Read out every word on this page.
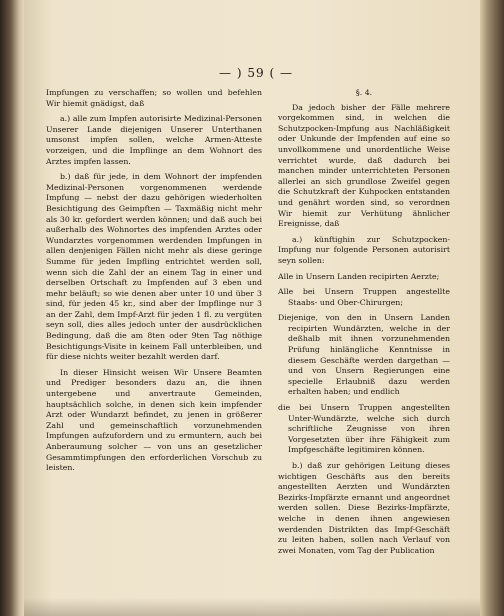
— ) 59 ( —

Impfungen zu verschaffen; so wollen und befehlen Wir hiemit gnädigst, daß

a.) alle zum Impfen autorisirte Medizinal-Personen Unserer Lande diejenigen Unserer Unterthanen umsonst impfen sollen, welche Armen-Atteste vorzeigen, und die Impflinge an dem Wohnort des Arztes impfen lassen.

b.) daß für jede, in dem Wohnort der impfenden Medizinal-Personen vorgenommenen werdende Impfung — nebst der dazu gehörigen wiederholten Besichtigung des Geimpften — Taxmäßig nicht mehr als 30 kr. gefordert werden können; und daß auch bei außerhalb des Wohnortes des impfenden Arztes oder Wundarztes vorgenommen werdenden Impfungen in allen denjenigen Fällen nicht mehr als diese geringe Summe für jeden Impfling entrichtet werden soll, wenn sich die Zahl der an einem Tag in einer und derselben Ortschaft zu Impfenden auf 3 eben und mehr beläuft; so wie denen aber unter 10 und über 3 sind, für jeden 45 kr., sind aber der Impflinge nur 3 an der Zahl, dem Impf-Arzt für jeden 1 fl. zu vergüten seyn soll, dies alles jedoch unter der ausdrücklichen Bedingung, daß die am 8ten oder 9ten Tag nöthige Besichtigungs-Visite in keinem Fall unterbleiben, und für diese nichts weiter bezahlt werden darf.

In dieser Hinsicht weisen Wir Unsere Beamten und Prediger besonders dazu an, die ihnen untergebene und anvertraute Gemeinden, hauptsächlich solche, in denen sich kein impfender Arzt oder Wundarzt befindet, zu jenen in größerer Zahl und gemeinschaftlich vorzunehmenden Impfungen aufzufordern und zu ermuntern, auch bei Anberaumung solcher — von uns an gesetzlicher Gesammtimpfungen den erforderlichen Vorschub zu leisten.

§. 4.

Da jedoch bisher der Fälle mehrere vorgekommen sind, in welchen die Schutzpocken-Impfung aus Nachläßigkeit oder Unkunde der Impfenden auf eine so unvollkommene und unordentliche Weise verrichtet wurde, daß dadurch bei manchen minder unterrichteten Personen allerlei an sich grundlose Zweifel gegen die Schutzkraft der Kuhpocken entstanden und genährt worden sind, so verordnen Wir hiemit zur Verhütung ähnlicher Ereignisse, daß

a.) künftighin zur Schutzpocken-Impfung nur folgende Personen autorisirt seyn sollen:

Alle in Unsern Landen recipirten Aerzte;

Alle bei Unsern Truppen angestellte Staabs- und Ober-Chirurgen;

Diejenige, von den in Unsern Landen recipirten Wundärzten, welche in der deßhalb mit ihnen vorzunehmenden Prüfung hinlängliche Kenntnisse in diesem Geschäfte werden dargethan — und von Unsern Regierungen eine specielle Erlaubniß dazu werden erhalten haben; und endlich

die bei Unsern Truppen angestellten Unter-Wundärzte, welche sich durch schriftliche Zeugnisse von ihren Vorgesetzten über ihre Fähigkeit zum Impfgeschäfte legitimiren können.

b.) daß zur gehörigen Leitung dieses wichtigen Geschäfts aus den bereits angestellten Aerzten und Wundärzten Bezirks-Impfärzte ernannt und angeordnet werden sollen. Diese Bezirks-Impfärzte, welche in denen ihnen angewiesen werdenden Distrikten das Impf-Geschäft zu leiten haben, sollen nach Verlauf von zwei Monaten, vom Tag der Publication
